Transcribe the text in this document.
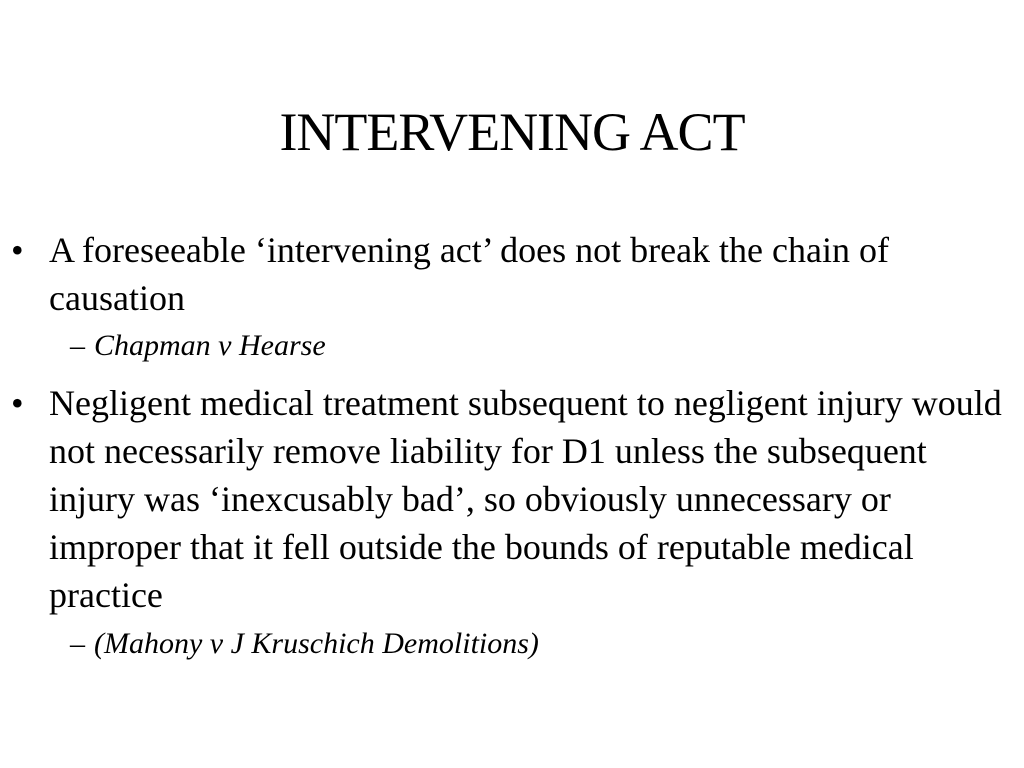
INTERVENING ACT
• A foreseeable ‘intervening act’ does not break the chain of causation
– Chapman v Hearse
• Negligent medical treatment subsequent to negligent injury would not necessarily remove liability for D1 unless the subsequent injury was ‘inexcusably bad’, so obviously unnecessary or improper that it fell outside the bounds of reputable medical practice
– (Mahony v J Kruschich Demolitions)
